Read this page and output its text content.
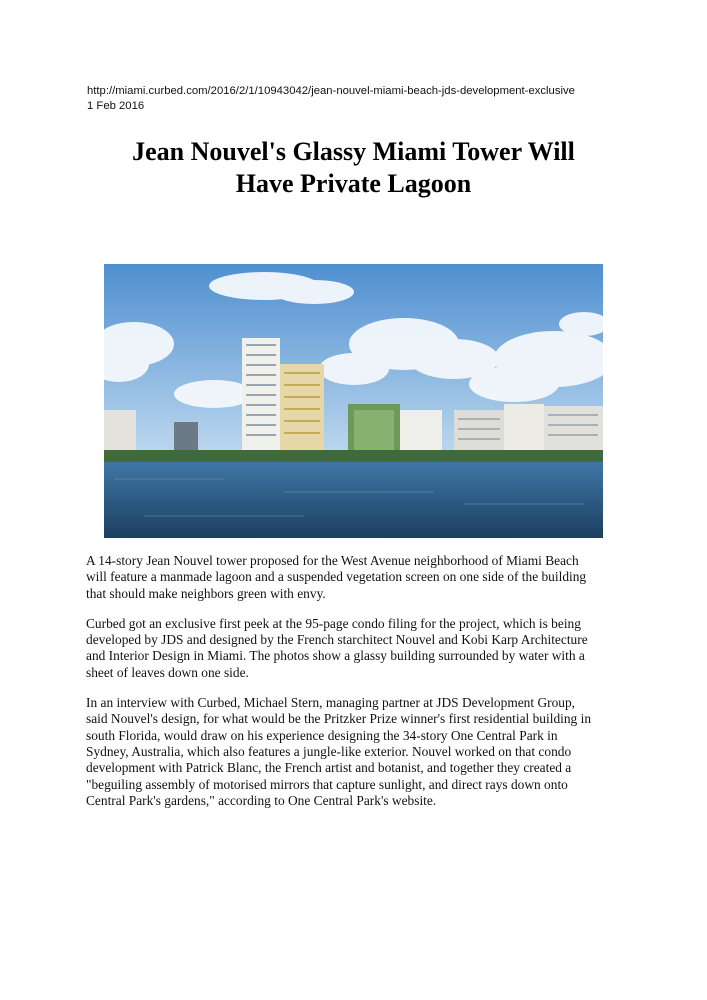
http://miami.curbed.com/2016/2/1/10943042/jean-nouvel-miami-beach-jds-development-exclusive
1 Feb 2016
Jean Nouvel's Glassy Miami Tower Will
Have Private Lagoon

A 14-story Jean Nouvel tower proposed for the West Avenue neighborhood of Miami Beach
will feature a manmade lagoon and a suspended vegetation screen on one side of the building
that should make neighbors green with envy.

Curbed got an exclusive first peek at the 95-page condo filing for the project, which is being
developed by JDS and designed by the French starchitect Nouvel and Kobi Karp Architecture
and Interior Design in Miami. The photos show a glassy building surrounded by water with a
sheet of leaves down one side.

In an interview with Curbed, Michael Stern, managing partner at JDS Development Group,
said Nouvel's design, for what would be the Pritzker Prize winner's first residential building in
south Florida, would draw on his experience designing the 34-story One Central Park in
Sydney, Australia, which also features a jungle-like exterior. Nouvel worked on that condo
development with Patrick Blanc, the French artist and botanist, and together they created a
"beguiling assembly of motorised mirrors that capture sunlight, and direct rays down onto
Central Park's gardens," according to One Central Park's website.
